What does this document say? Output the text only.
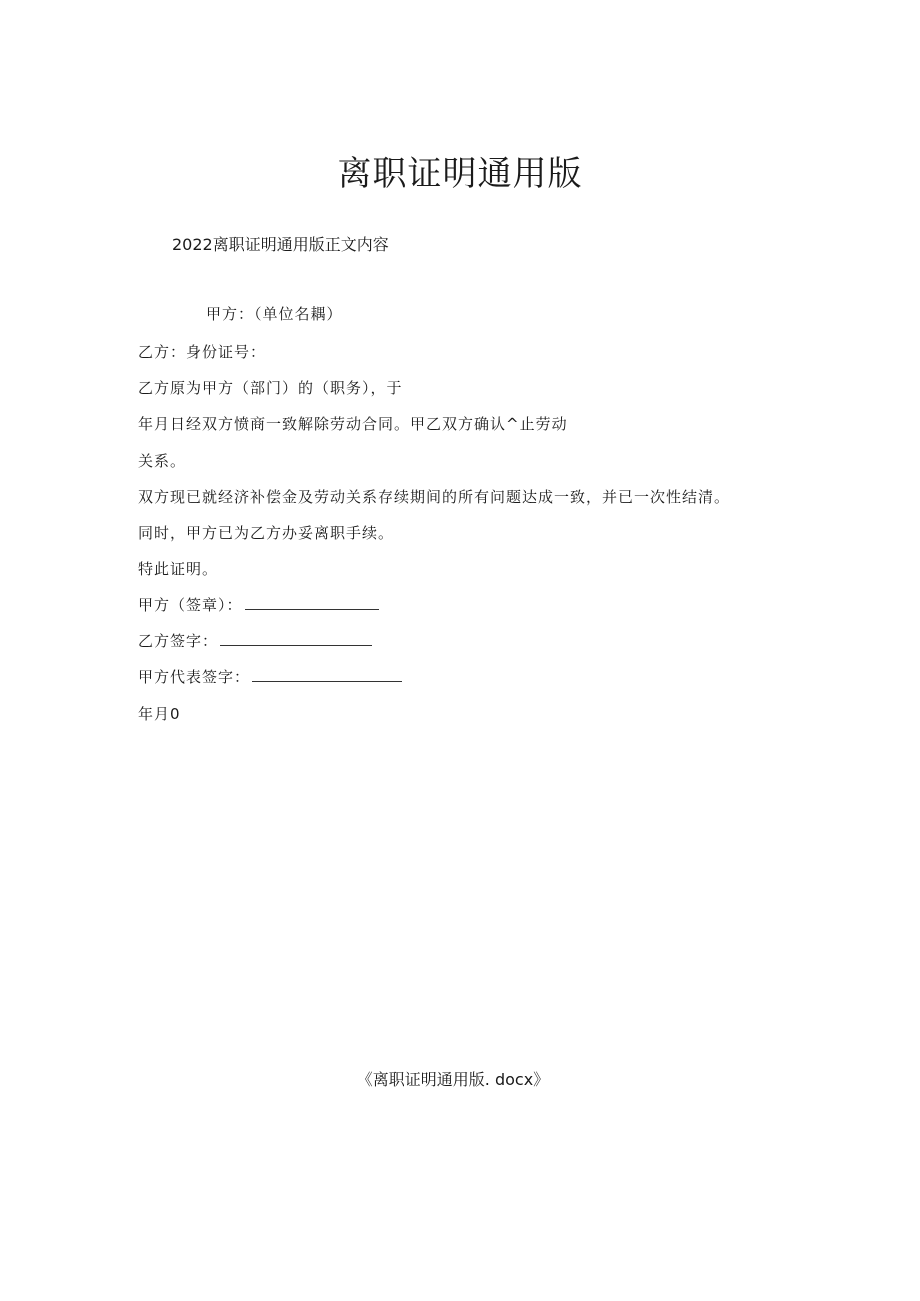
离职证明通用版
2022离职证明通用版正文内容
甲方：（单位名耦）
乙方：身份证号：
乙方原为甲方（部门）的（职务），于
年月日经双方愤商一致解除劳动合同。甲乙双方确认^止劳动
关系。
双方现已就经济补偿金及劳动关系存续期间的所有问题达成一致，并已一次性结清。
同时，甲方已为乙方办妥离职手续。
特此证明。
甲方（签章）：
乙方签字：
甲方代表签字：
年月0
《离职证明通用版. docx》
